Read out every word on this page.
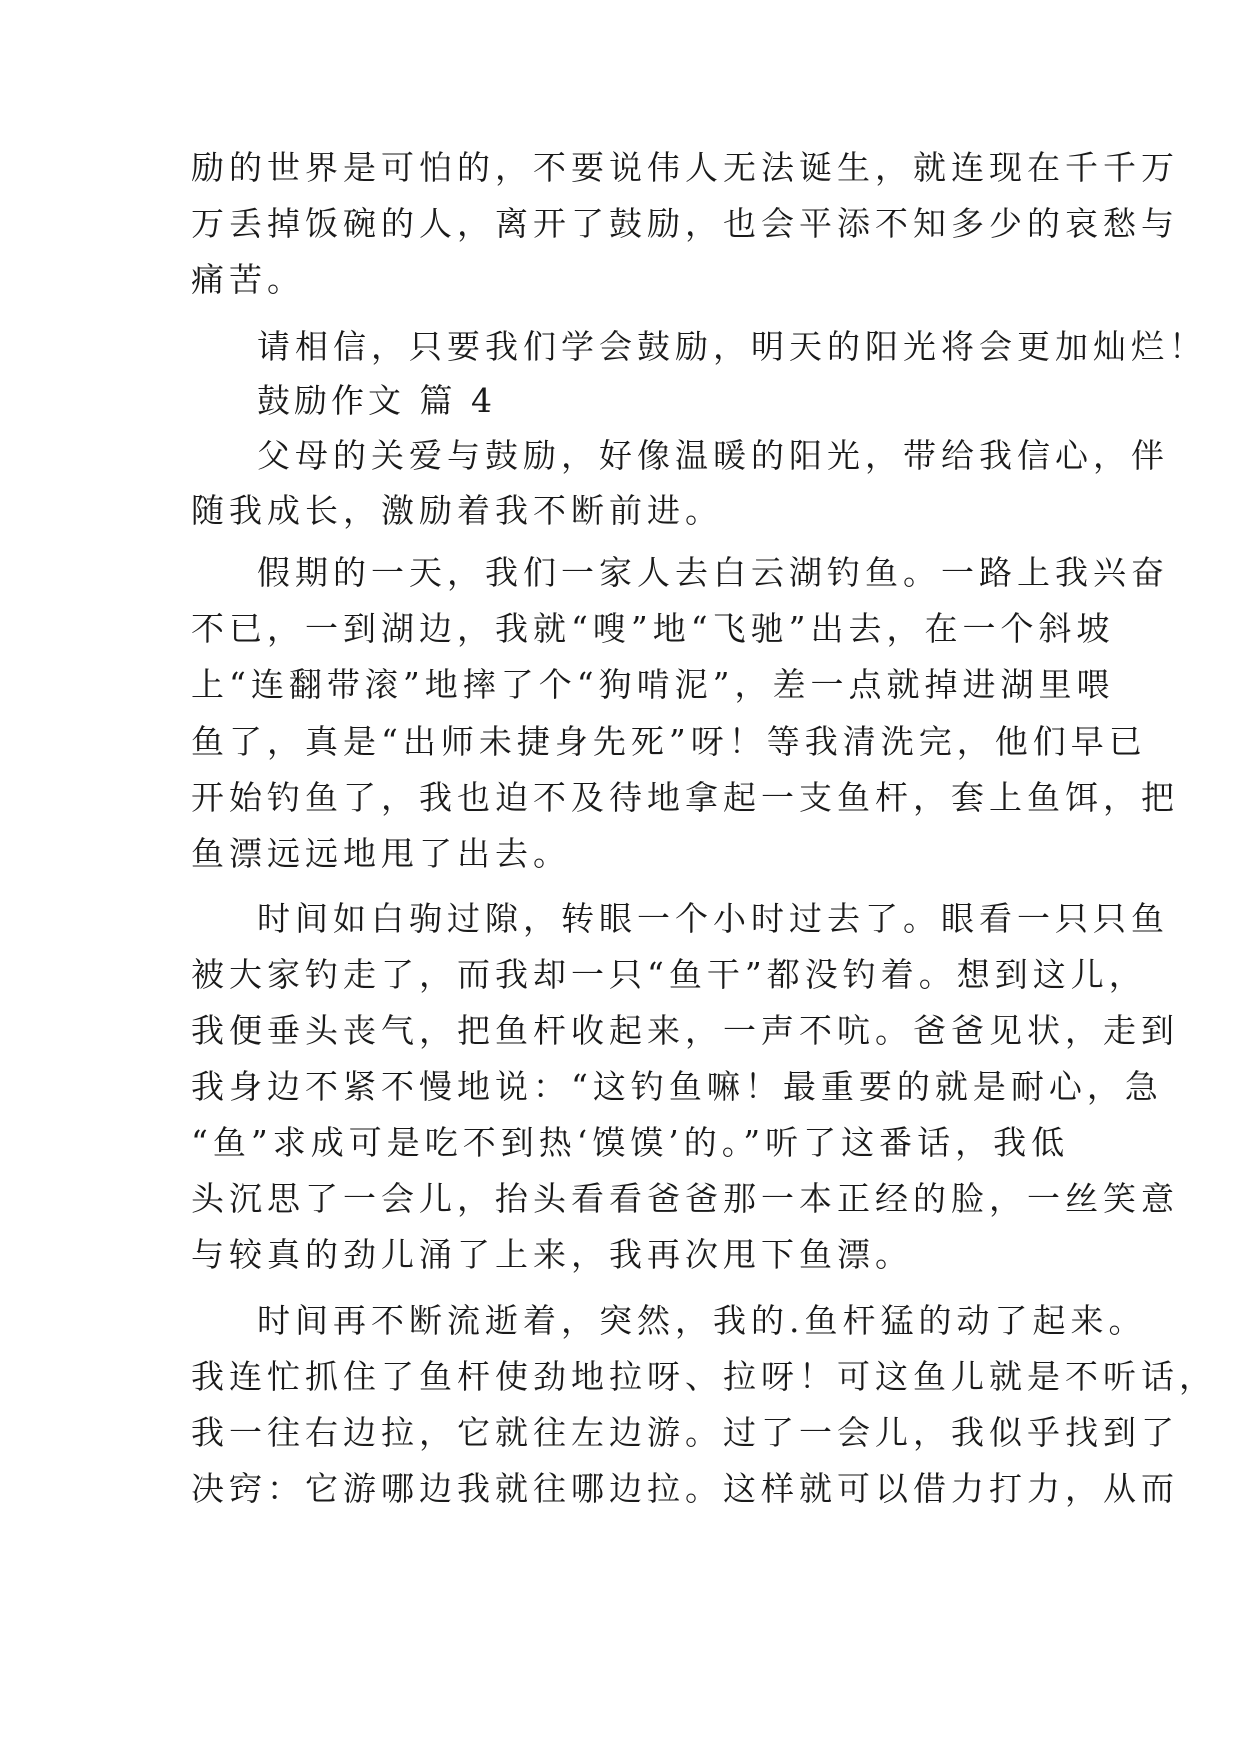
励的世界是可怕的，不要说伟人无法诞生，就连现在千千万
万丢掉饭碗的人，离开了鼓励，也会平添不知多少的哀愁与
痛苦。
请相信，只要我们学会鼓励，明天的阳光将会更加灿烂！
鼓励作文 篇 4
父母的关爱与鼓励，好像温暖的阳光，带给我信心，伴
随我成长，激励着我不断前进。
假期的一天，我们一家人去白云湖钓鱼。一路上我兴奋
不已，一到湖边，我就“嗖”地“飞驰”出去，在一个斜坡
上“连翻带滚”地摔了个“狗啃泥”，差一点就掉进湖里喂
鱼了，真是“出师未捷身先死”呀！等我清洗完，他们早已
开始钓鱼了，我也迫不及待地拿起一支鱼杆，套上鱼饵，把
鱼漂远远地甩了出去。
时间如白驹过隙，转眼一个小时过去了。眼看一只只鱼
被大家钓走了，而我却一只“鱼干”都没钓着。想到这儿，
我便垂头丧气，把鱼杆收起来，一声不吭。爸爸见状，走到
我身边不紧不慢地说：“这钓鱼嘛！最重要的就是耐心，急
“鱼”求成可是吃不到热‘馍馍’的。”听了这番话，我低
头沉思了一会儿，抬头看看爸爸那一本正经的脸，一丝笑意
与较真的劲儿涌了上来，我再次甩下鱼漂。
时间再不断流逝着，突然，我的.鱼杆猛的动了起来。
我连忙抓住了鱼杆使劲地拉呀、拉呀！可这鱼儿就是不听话，
我一往右边拉，它就往左边游。过了一会儿，我似乎找到了
决窍：它游哪边我就往哪边拉。这样就可以借力打力，从而
